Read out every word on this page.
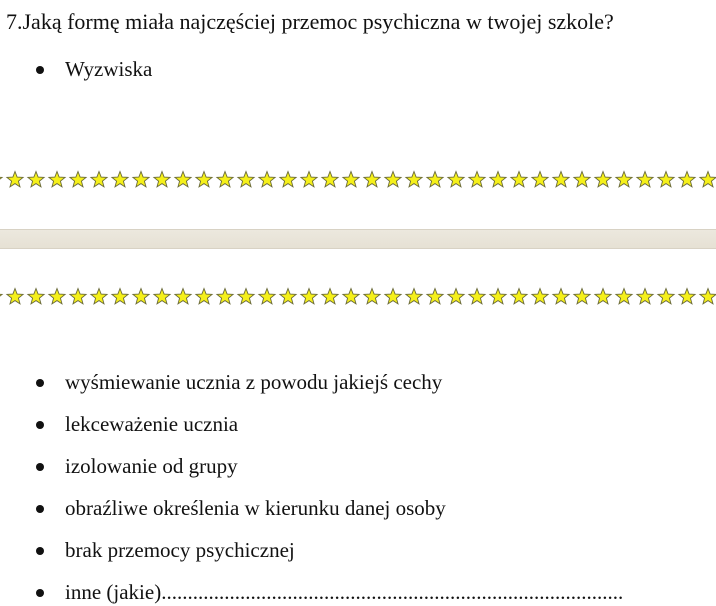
7.Jaką formę miała najczęściej przemoc psychiczna w twojej szkole?
Wyzwiska
wyśmiewanie ucznia z powodu jakiejś cechy
lekceważenie ucznia
izolowanie od grupy
obraźliwe określenia w kierunku danej osoby
brak przemocy psychicznej
inne (jakie)........................................................................................
